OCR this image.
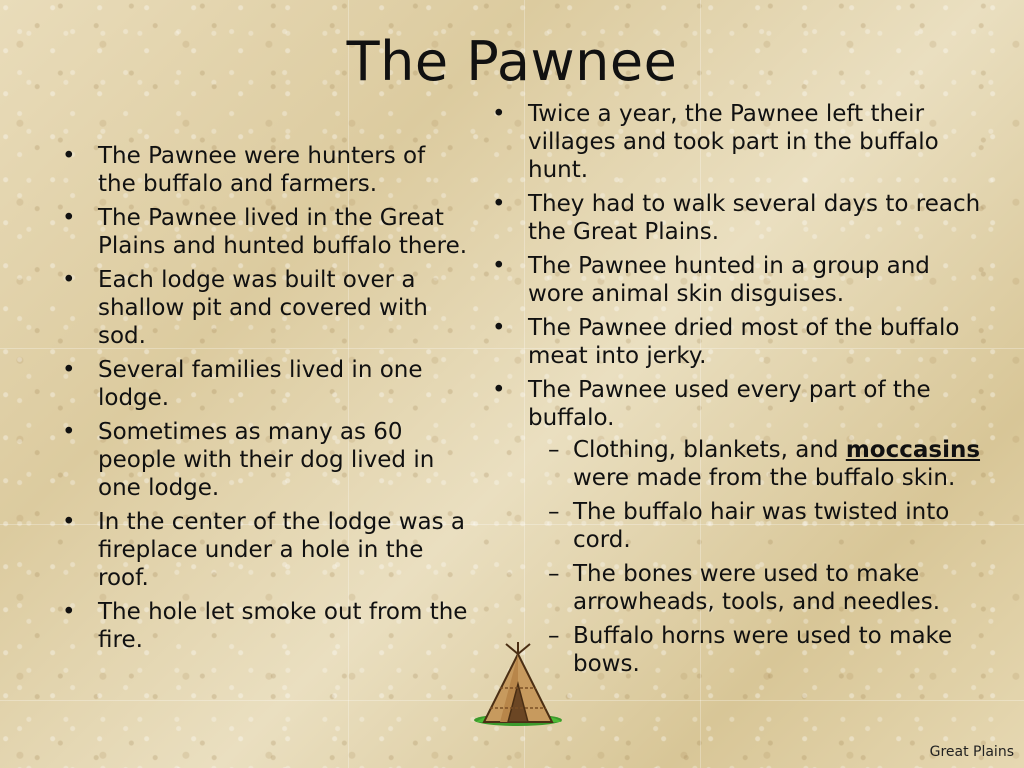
The Pawnee
• The Pawnee were hunters of the buffalo and farmers.
• The Pawnee lived in the Great Plains and hunted buffalo there.
• Each lodge was built over a shallow pit and covered with sod.
• Several families lived in one lodge.
• Sometimes as many as 60 people with their dog lived in one lodge.
• In the center of the lodge was a fireplace under a hole in the roof.
• The hole let smoke out from the fire.
• Twice a year, the Pawnee left their villages and took part in the buffalo hunt.
• They had to walk several days to reach the Great Plains.
• The Pawnee hunted in a group and wore animal skin disguises.
• The Pawnee dried most of the buffalo meat into jerky.
• The Pawnee used every part of the buffalo.
– Clothing, blankets, and moccasins were made from the buffalo skin.
– The buffalo hair was twisted into cord.
– The bones were used to make arrowheads, tools, and needles.
– Buffalo horns were used to make bows.
Great Plains
